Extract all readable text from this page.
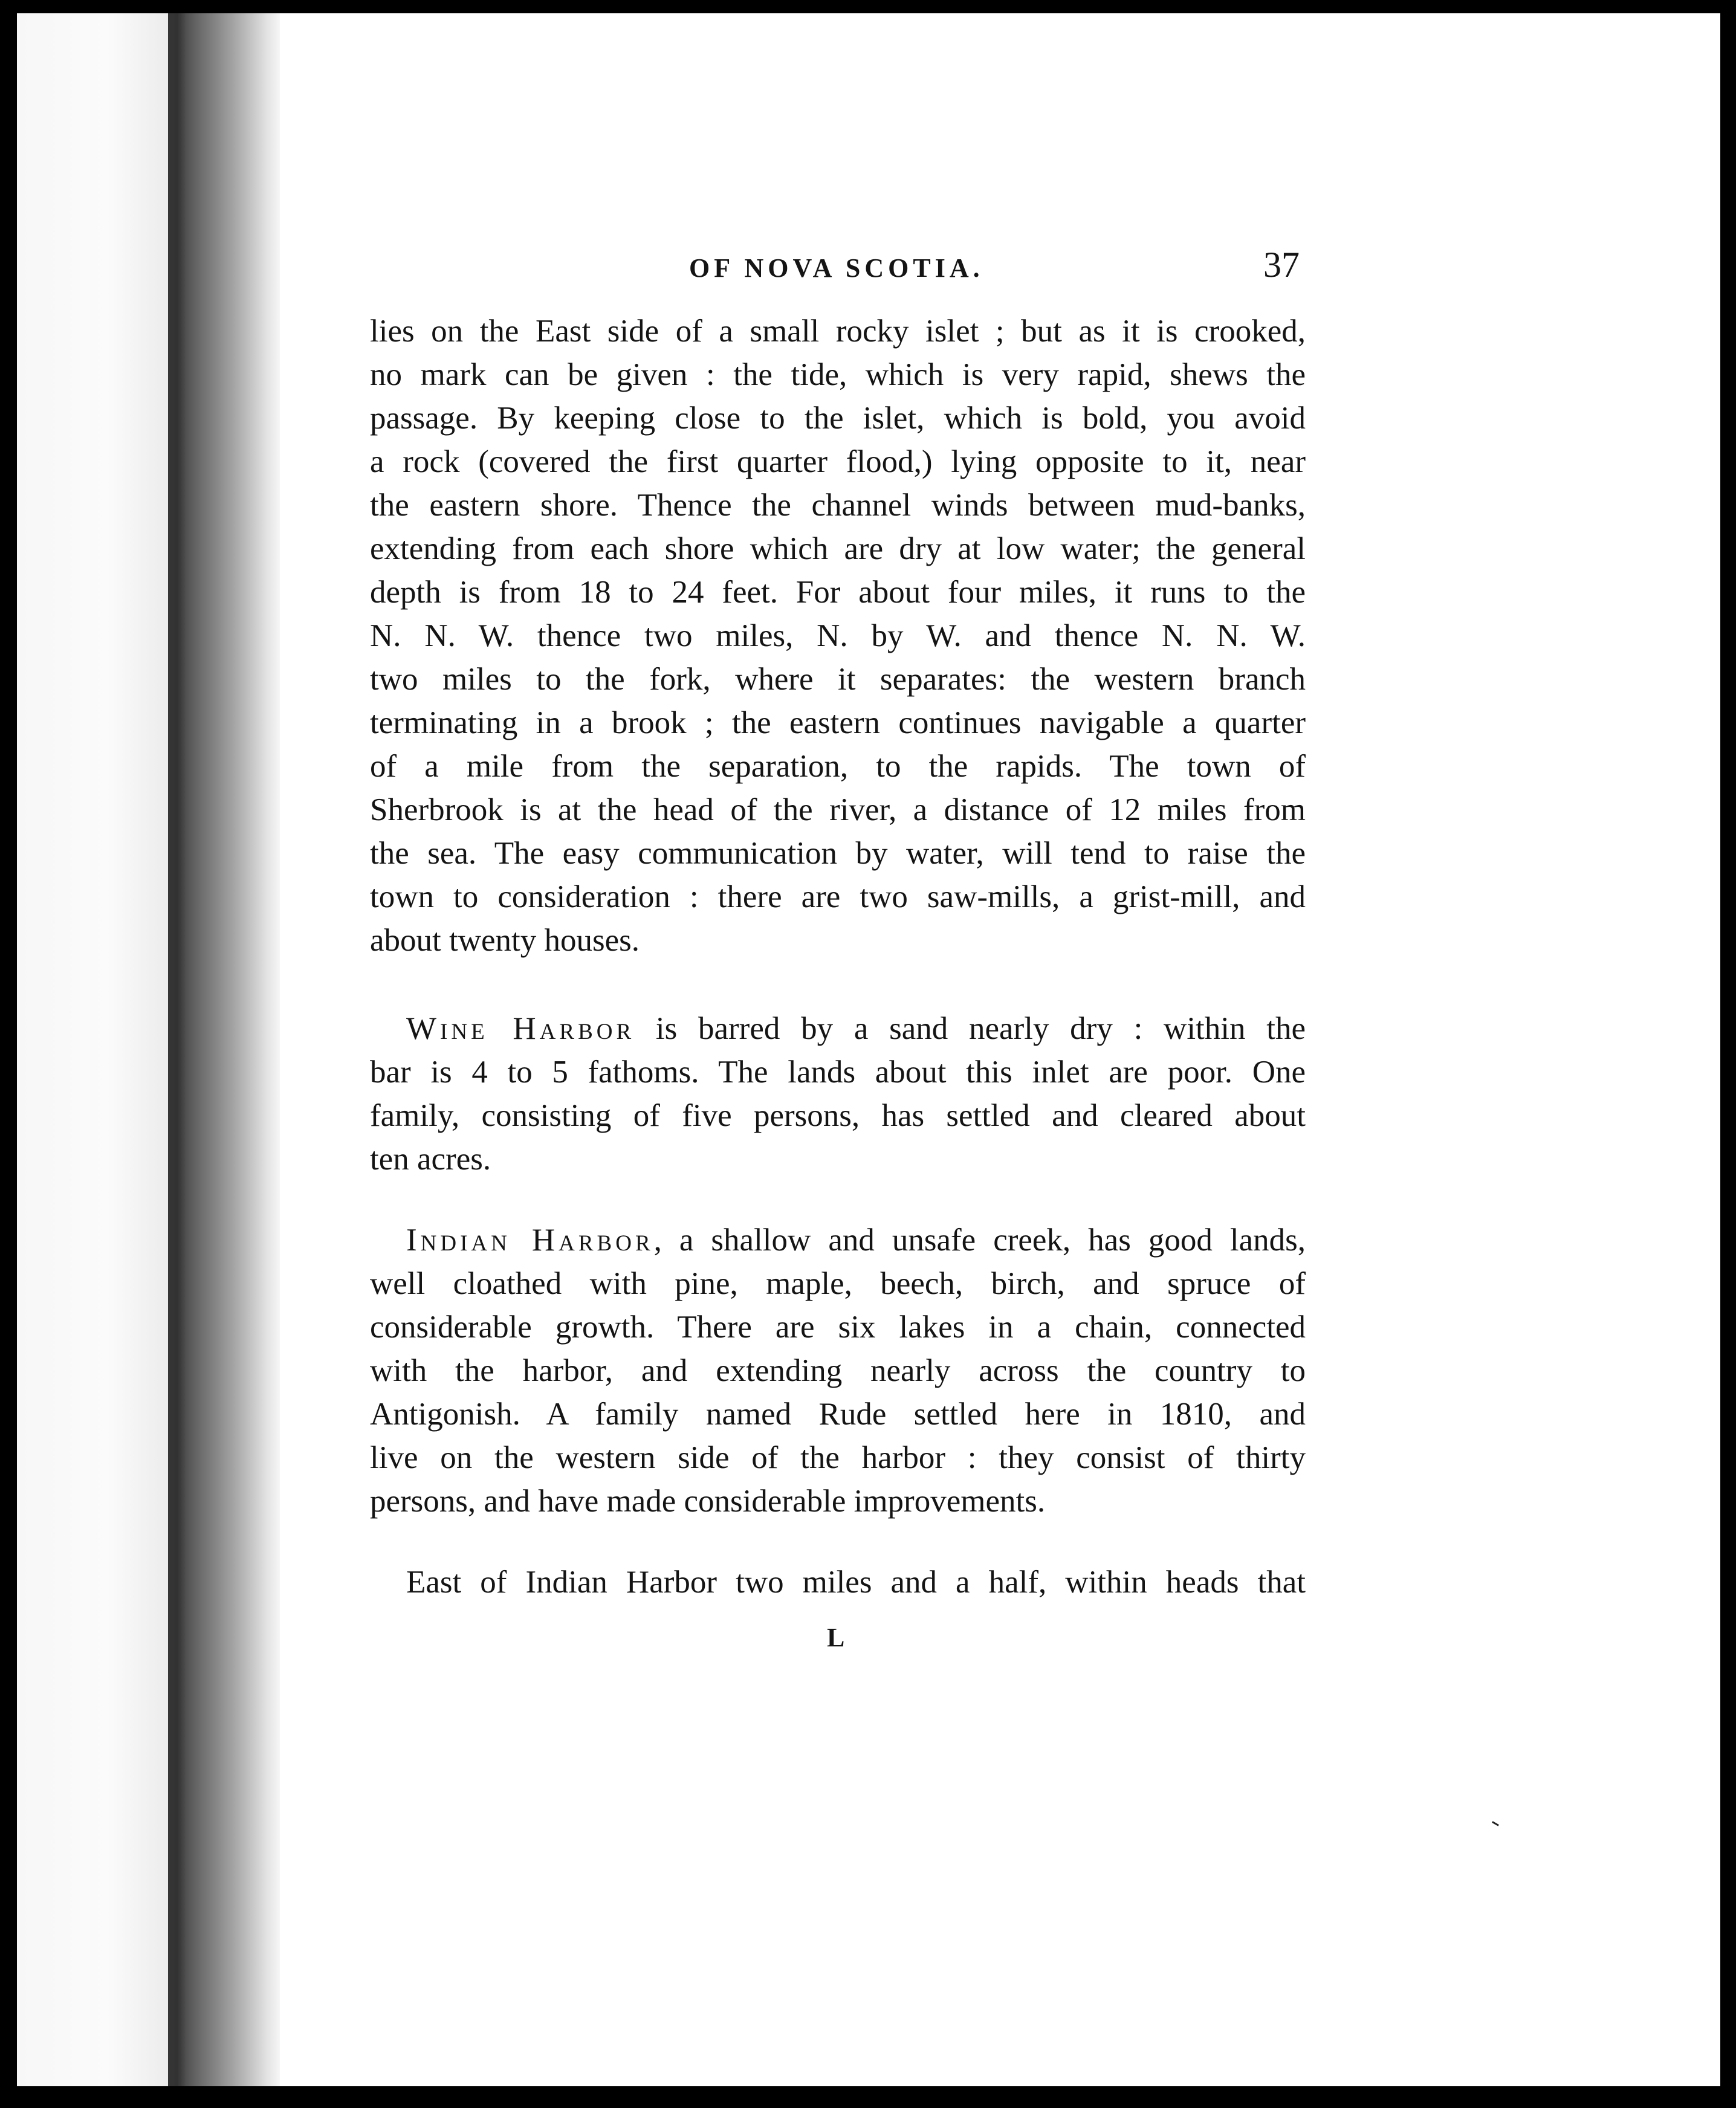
OF NOVA SCOTIA.	37
lies on the East side of a small rocky islet ; but as it is crooked,
no mark can be given : the tide, which is very rapid, shews the
passage. By keeping close to the islet, which is bold, you avoid
a rock (covered the first quarter flood,) lying opposite to it, near
the eastern shore. Thence the channel winds between mud-banks,
extending from each shore which are dry at low water; the general
depth is from 18 to 24 feet. For about four miles, it runs to the
N. N. W. thence two miles, N. by W. and thence N. N. W.
two miles to the fork, where it separates: the western branch
terminating in a brook ; the eastern continues navigable a quarter
of a mile from the separation, to the rapids. The town of
Sherbrook is at the head of the river, a distance of 12 miles from
the sea. The easy communication by water, will tend to raise the
town to consideration : there are two saw-mills, a grist-mill, and
about twenty houses.
Wine Harbor is barred by a sand nearly dry : within the
bar is 4 to 5 fathoms. The lands about this inlet are poor. One
family, consisting of five persons, has settled and cleared about
ten acres.
Indian Harbor, a shallow and unsafe creek, has good lands,
well cloathed with pine, maple, beech, birch, and spruce of
considerable growth. There are six lakes in a chain, connected
with the harbor, and extending nearly across the country to
Antigonish. A family named Rude settled here in 1810, and
live on the western side of the harbor : they consist of thirty
persons, and have made considerable improvements.
East of Indian Harbor two miles and a half, within heads that
L
